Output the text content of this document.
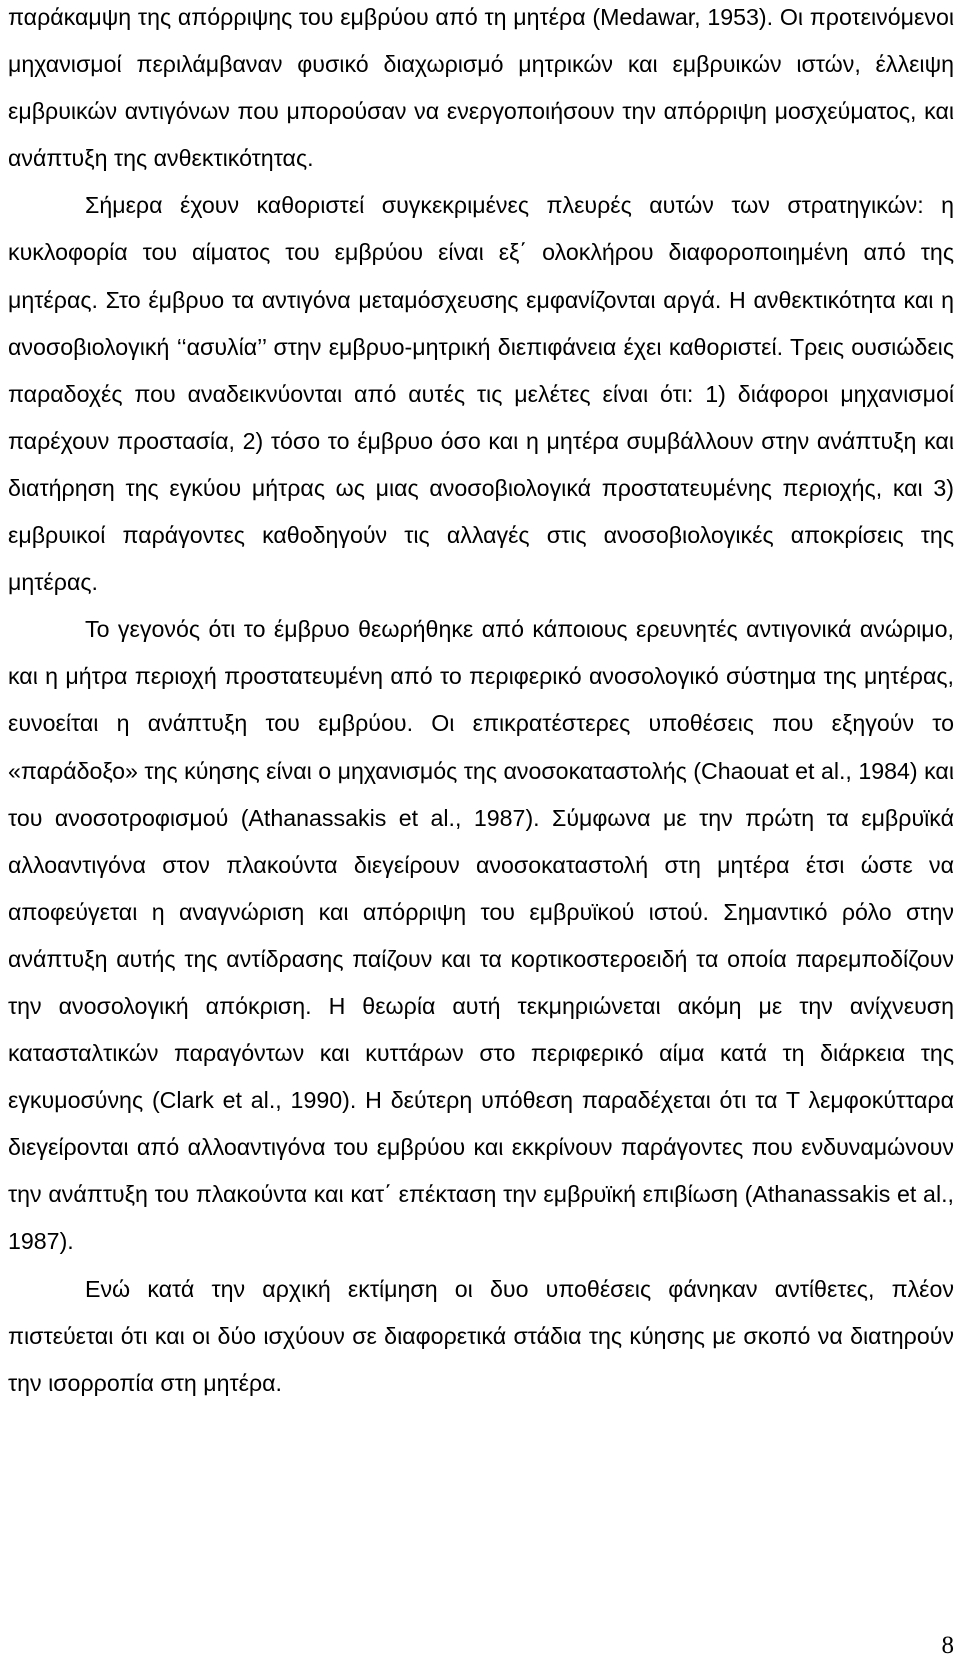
παράκαμψη της απόρριψης του εμβρύου από τη μητέρα (Medawar, 1953). Οι προτεινόμενοι μηχανισμοί περιλάμβαναν φυσικό διαχωρισμό μητρικών και εμβρυικών ιστών, έλλειψη εμβρυικών αντιγόνων που μπορούσαν να ενεργοποιήσουν την απόρριψη μοσχεύματος, και ανάπτυξη της ανθεκτικότητας.

Σήμερα έχουν καθοριστεί συγκεκριμένες πλευρές αυτών των στρατηγικών: η κυκλοφορία του αίματος του εμβρύου είναι εξ΄ ολοκλήρου διαφοροποιημένη από της μητέρας. Στο έμβρυο τα αντιγόνα μεταμόσχευσης εμφανίζονται αργά. Η ανθεκτικότητα και η ανοσοβιολογική ‘‘ασυλία’’ στην εμβρυο-μητρική διεπιφάνεια έχει καθοριστεί. Τρεις ουσιώδεις παραδοχές που αναδεικνύονται από αυτές τις μελέτες είναι ότι: 1) διάφοροι μηχανισμοί παρέχουν προστασία, 2) τόσο το έμβρυο όσο και η μητέρα συμβάλλουν στην ανάπτυξη και διατήρηση της εγκύου μήτρας ως μιας ανοσοβιολογικά προστατευμένης περιοχής, και 3) εμβρυικοί παράγοντες καθοδηγούν τις αλλαγές στις ανοσοβιολογικές αποκρίσεις της μητέρας.

Το γεγονός ότι το έμβρυο θεωρήθηκε από κάποιους ερευνητές αντιγονικά ανώριμο, και η μήτρα περιοχή προστατευμένη από το περιφερικό ανοσολογικό σύστημα της μητέρας, ευνοείται η ανάπτυξη του εμβρύου. Οι επικρατέστερες υποθέσεις που εξηγούν το «παράδοξο» της κύησης είναι ο μηχανισμός της ανοσοκαταστολής (Chaouat et al., 1984) και του ανοσοτροφισμού (Athanassakis et al., 1987). Σύμφωνα με την πρώτη τα εμβρυϊκά αλλοαντιγόνα στον πλακούντα διεγείρουν ανοσοκαταστολή στη μητέρα έτσι ώστε να αποφεύγεται η αναγνώριση και απόρριψη του εμβρυϊκού ιστού. Σημαντικό ρόλο στην ανάπτυξη αυτής της αντίδρασης παίζουν και τα κορτικοστεροειδή τα οποία παρεμποδίζουν την ανοσολογική απόκριση. Η θεωρία αυτή τεκμηριώνεται ακόμη με την ανίχνευση κατασταλτικών παραγόντων και κυττάρων στο περιφερικό αίμα κατά τη διάρκεια της εγκυμοσύνης (Clark et al., 1990). Η δεύτερη υπόθεση παραδέχεται ότι τα Τ λεμφοκύτταρα διεγείρονται από αλλοαντιγόνα του εμβρύου και εκκρίνουν παράγοντες που ενδυναμώνουν την ανάπτυξη του πλακούντα και κατ΄ επέκταση την εμβρυϊκή επιβίωση (Athanassakis et al., 1987).

Ενώ κατά την αρχική εκτίμηση οι δυο υποθέσεις φάνηκαν αντίθετες, πλέον πιστεύεται ότι και οι δύο ισχύουν σε διαφορετικά στάδια της κύησης με σκοπό να διατηρούν την ισορροπία στη μητέρα.

8
